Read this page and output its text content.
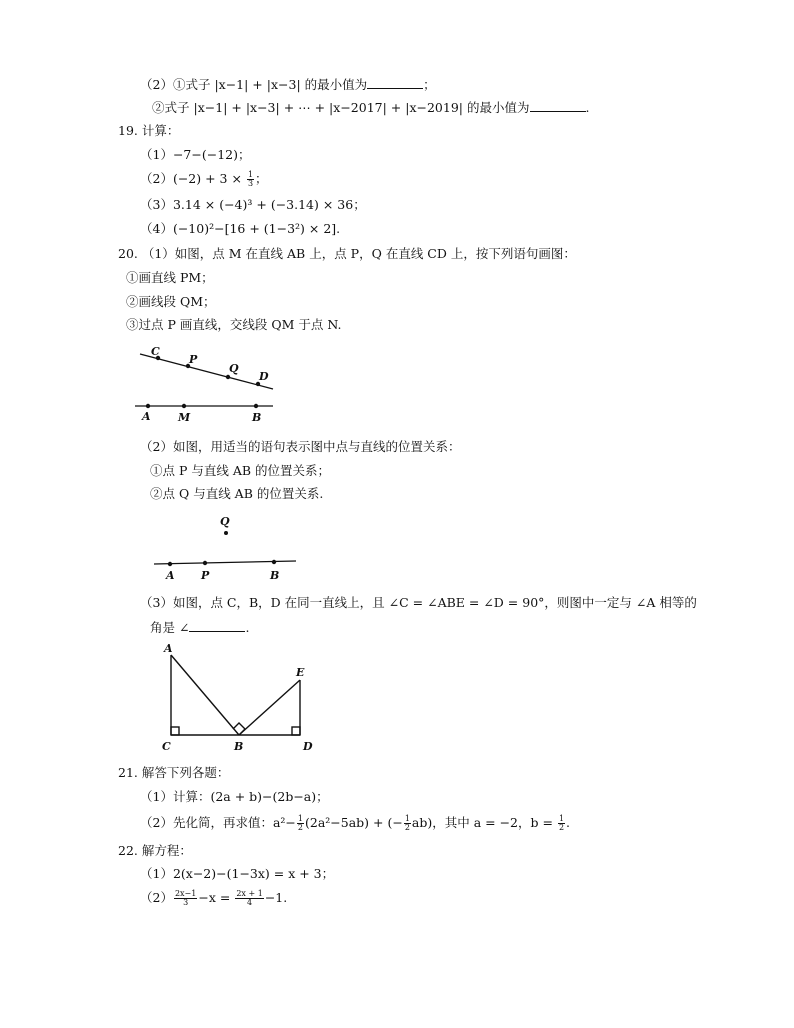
（2）①式子 |x−1| + |x−3| 的最小值为	；
②式子 |x−1| + |x−3| + ⋯ + |x−2017| + |x−2019| 的最小值为	.
19. 计算：
（1）−7−(−12)；
$(2)(-2) + 3 \times \frac{1}{3}$ ；
（3）3.14 × (−4)³ + (−3.14) × 36；
（4）(−10)²−[16 + (1−3²) × 2].
20. （1）如图，点 M 在直线 AB 上，点 P，Q 在直线 CD 上，按下列语句画图：
①画直线 PM；
②画线段 QM；
③过点 P 画直线，交线段 QM 于点 N.
C
P
Q
D
A M	B
Q
A P	B
A
E
C	B	D
（2）如图，用适当的语句表示图中点与直线的位置关系：
①点 P 与直线 AB 的位置关系；
②点 Q 与直线 AB 的位置关系.
（3）如图，点 C，B，D 在同一直线上，且 ∠C = ∠ABE = ∠D = 90°，则图中一定与 ∠A 相等的
角是 ∠	.
21. 解答下列各题：
（1）计算：(2a + b)−(2b−a)；
（2）先化简，再求值：$a^2- \frac{1}{2} (2a^2-5ab)$ + (− $\frac{1}{2} ab$)，其中 a = −2，$b = \frac{1}{2}$ .
22. 解方程：
（1）2(x−2)−(1−3x) = x + 3；
$(2) \frac{2x-1}{3} -x = \frac{2x + 1}{4} -1$.
